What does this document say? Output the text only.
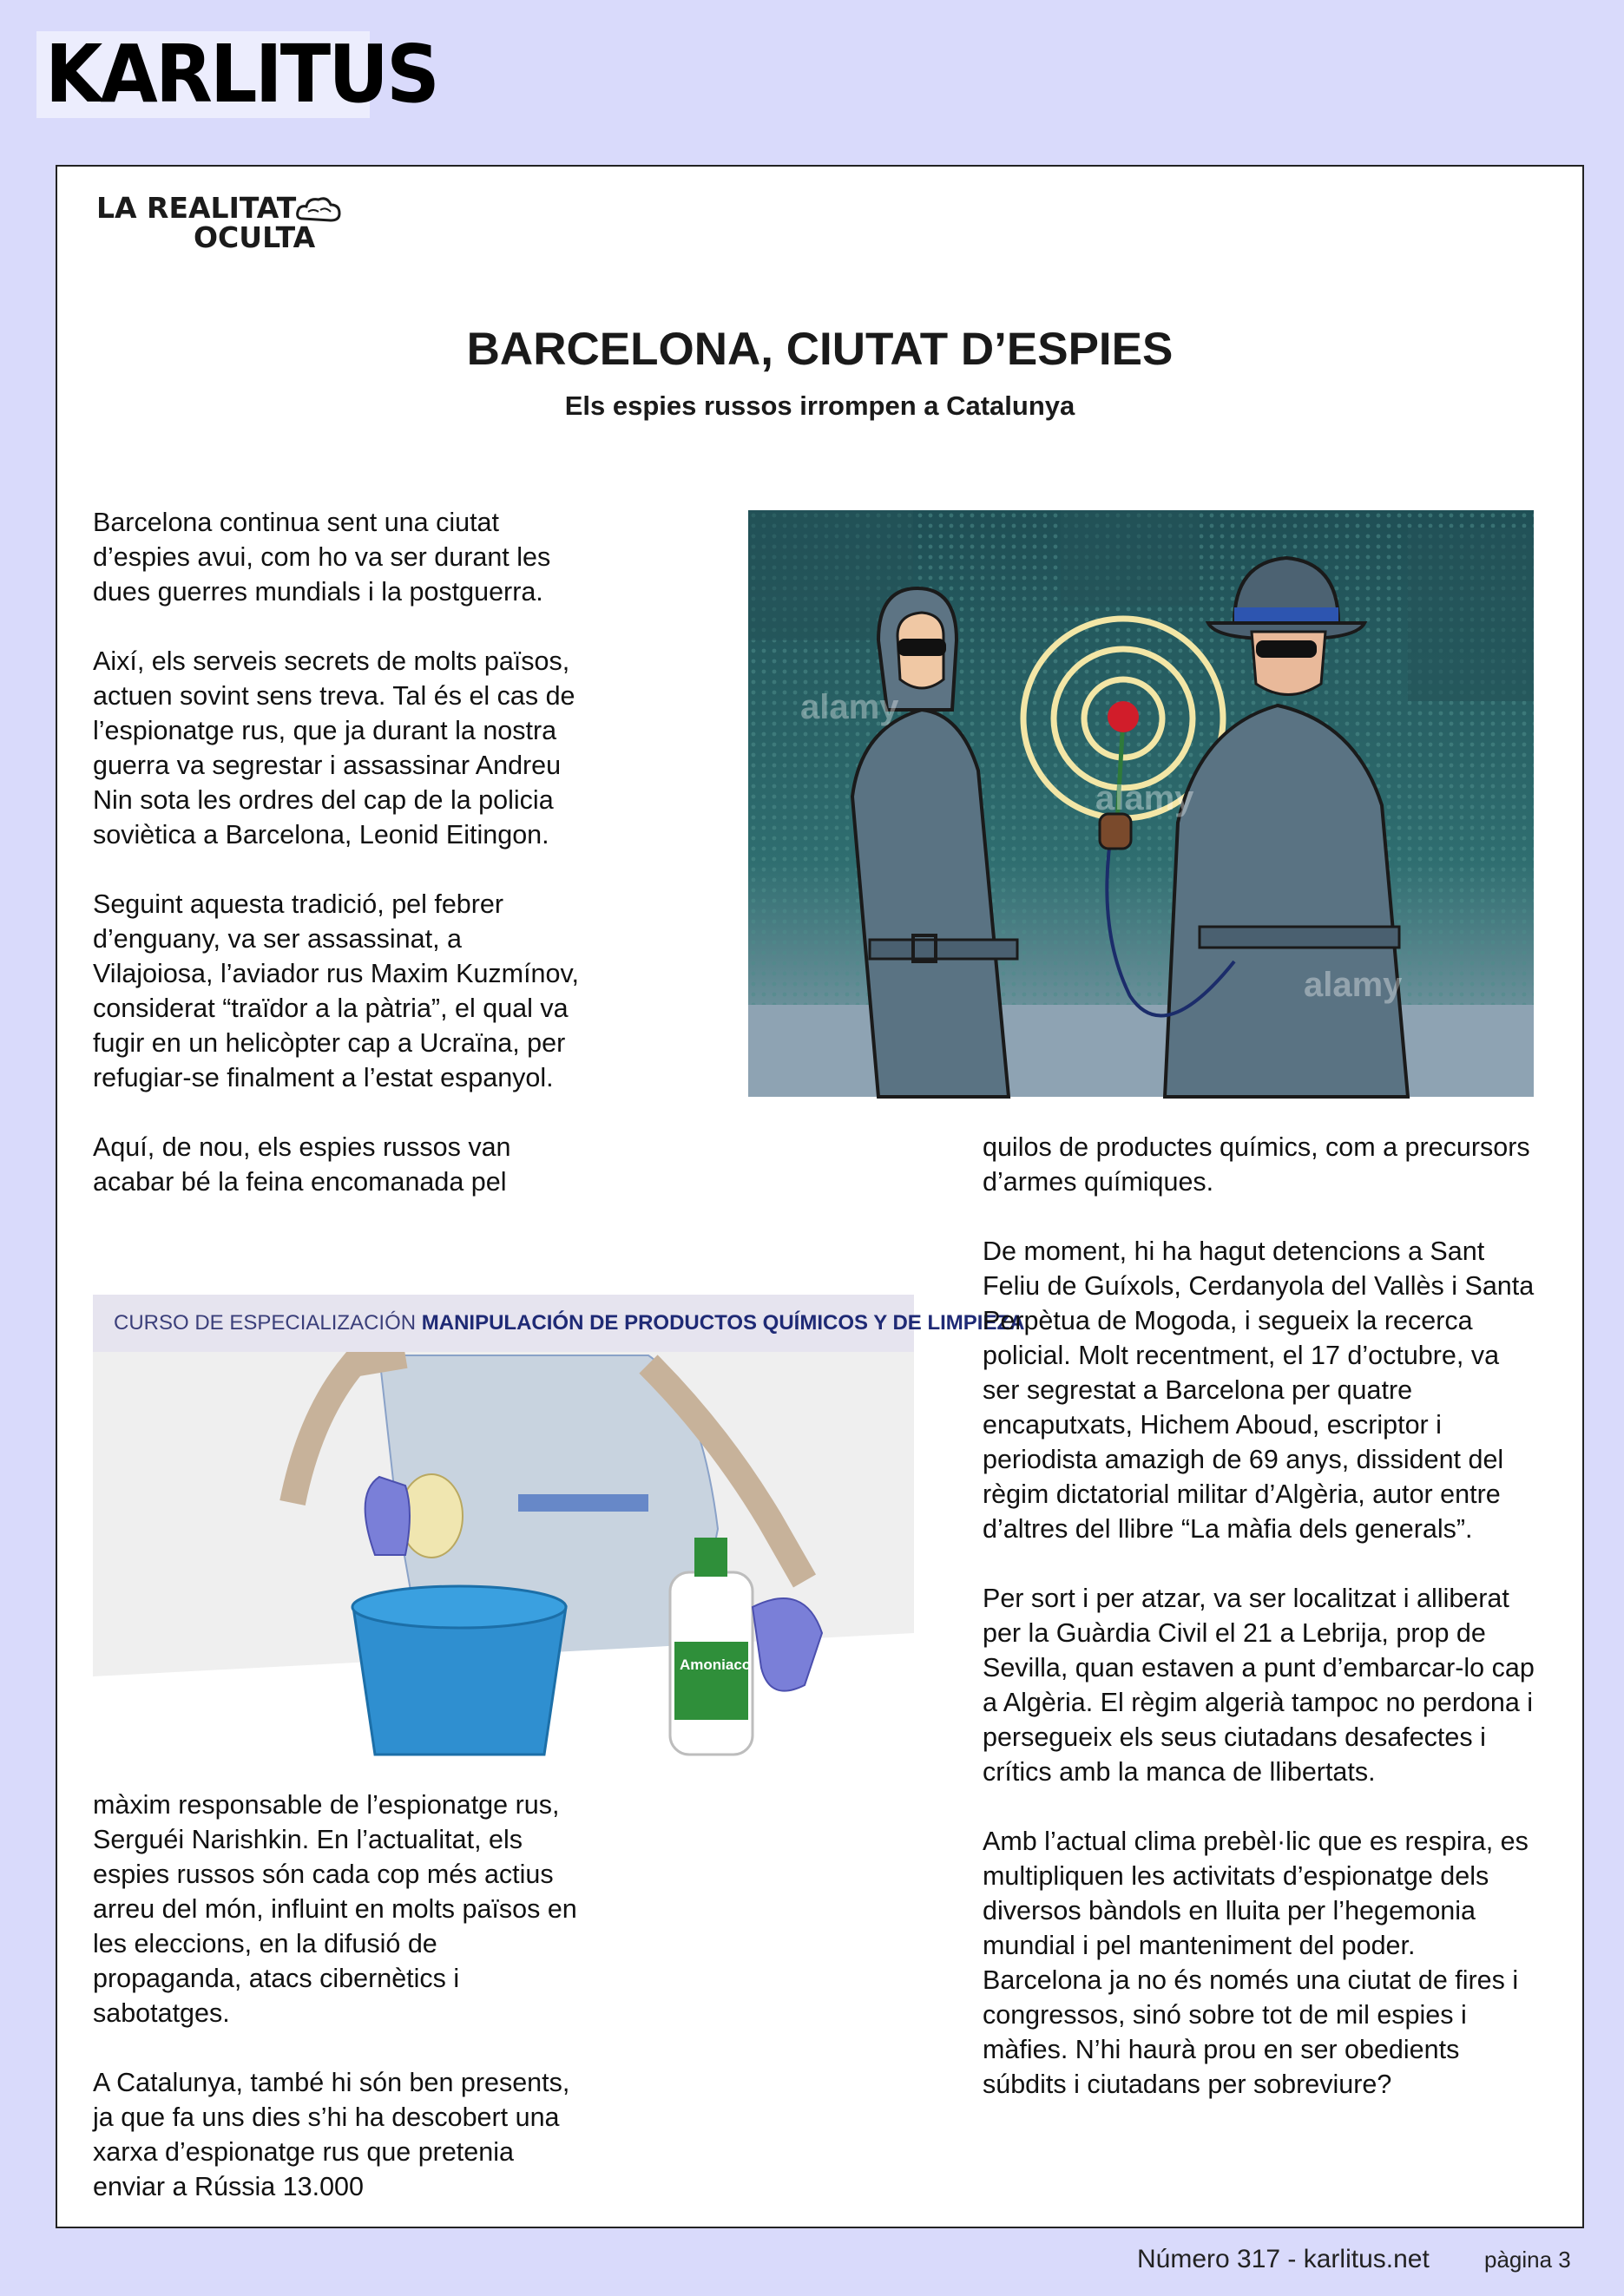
KARLITUS
LA REALITAT
OCULTA
BARCELONA, CIUTAT D’ESPIES
Els espies russos irrompen a Catalunya

Barcelona continua sent una ciutat d’espies avui, com ho va ser durant les dues guerres mundials i la postguerra.

Així, els serveis secrets de molts països, actuen sovint sens treva. Tal és el cas de l’espionatge rus, que ja durant la nostra guerra va segrestar i assassinar Andreu Nin sota les ordres del cap de la policia soviètica a Barcelona, Leonid Eitingon.

Seguint aquesta tradició, pel febrer d’enguany, va ser assassinat, a Vilajoiosa, l’aviador rus Maxim Kuzmínov, considerat “traïdor a la pàtria”, el qual va fugir en un helicòpter cap a Ucraïna, per refugiar-se finalment a l’estat espanyol.

Aquí, de nou, els espies russos van acabar bé la feina encomanada pel

alamy
alamy
alamy
Amoniaco
CURSO DE ESPECIALIZACIÓN MANIPULACIÓN DE PRODUCTOS QUÍMICOS Y DE LIMPIEZA

màxim responsable de l’espionatge rus, Serguéi Narishkin. En l’actualitat, els espies russos són cada cop més actius arreu del món, influint en molts països en les eleccions, en la difusió de propaganda, atacs cibernètics i sabotatges.

A Catalunya, també hi són ben presents, ja que fa uns dies s’hi ha descobert una xarxa d’espionatge rus que pretenia enviar a Rússia 13.000

quilos de productes químics, com a precursors d’armes químiques.

De moment, hi ha hagut detencions a Sant Feliu de Guíxols, Cerdanyola del Vallès i Santa Perpètua de Mogoda, i segueix la recerca policial. Molt recentment, el 17 d’octubre, va ser segrestat a Barcelona per quatre encaputxats, Hichem Aboud, escriptor i periodista amazigh de 69 anys, dissident del règim dictatorial militar d’Algèria, autor entre d’altres del llibre “La màfia dels generals”.

Per sort i per atzar, va ser localitzat i alliberat per la Guàrdia Civil el 21 a Lebrija, prop de Sevilla, quan estaven a punt d’embarcar-lo cap a Algèria. El règim algerià tampoc no perdona i persegueix els seus ciutadans desafectes i crítics amb la manca de llibertats.

Amb l’actual clima prebèl·lic que es respira, es multipliquen les activitats d’espionatge dels diversos bàndols en lluita per l’hegemonia mundial i pel manteniment del poder. Barcelona ja no és només una ciutat de fires i congressos, sinó sobre tot de mil espies i màfies. N’hi haurà prou en ser obedients súbdits i ciutadans per sobreviure?

Número 317 - karlitus.net pàgina 3
